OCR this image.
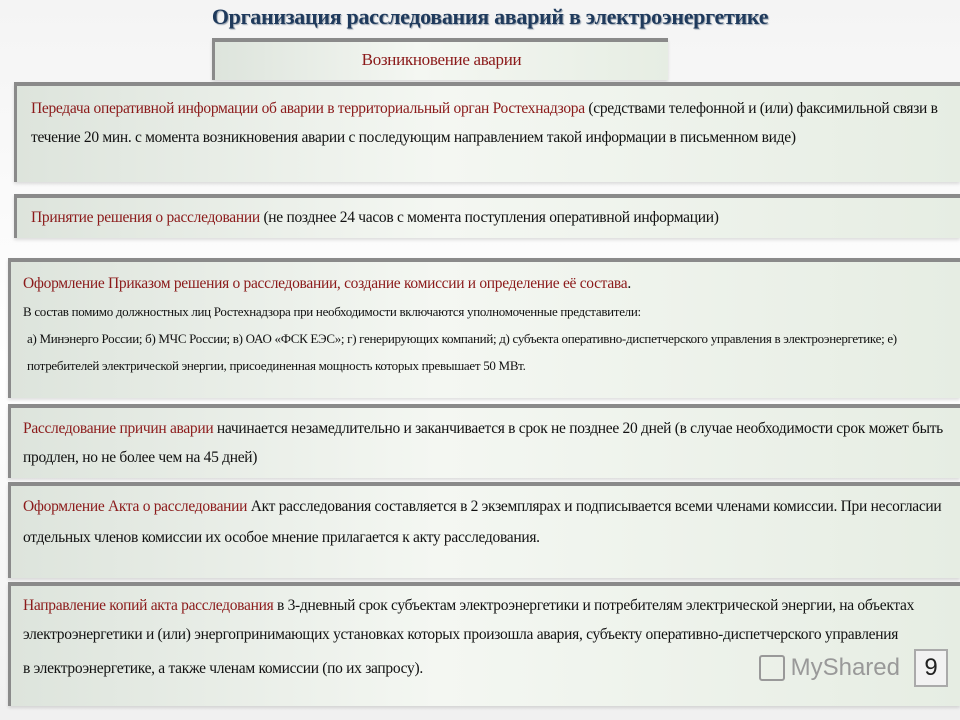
Организация расследования аварий в электроэнергетике

Возникновение аварии

Передача оперативной информации об аварии в территориальный орган Ростехнадзора (средствами телефонной и (или) факсимильной связи в течение 20 мин. с момента возникновения аварии с последующим направлением такой информации в письменном виде)

Принятие решения о расследовании (не позднее 24 часов с момента поступления оперативной информации)

Оформление Приказом решения о расследовании, создание комиссии и определение её состава.

В состав помимо должностных лиц Ростехнадзора при необходимости включаются уполномоченные представители:

а) Минэнерго России; б) МЧС России; в) ОАО «ФСК ЕЭС»; г) генерирующих компаний; д) субъекта оперативно-диспетчерского управления в электроэнергетике; е) потребителей электрической энергии, присоединенная мощность которых превышает 50 МВт.

Расследование причин аварии начинается незамедлительно и заканчивается в срок не позднее 20 дней (в случае необходимости срок может быть продлен, но не более чем на 45 дней)

Оформление Акта о расследовании Акт расследования составляется в 2 экземплярах и подписывается всеми членами комиссии. При несогласии отдельных членов комиссии их особое мнение прилагается к акту расследования.

Направление копий акта расследования в 3-дневный срок субъектам электроэнергетики и потребителям электрической энергии, на объектах электроэнергетики и (или) энергопринимающих установках которых произошла авария, субъекту оперативно-диспетчерского управления

в электроэнергетике, а также членам комиссии (по их запросу).	MyShared	9
